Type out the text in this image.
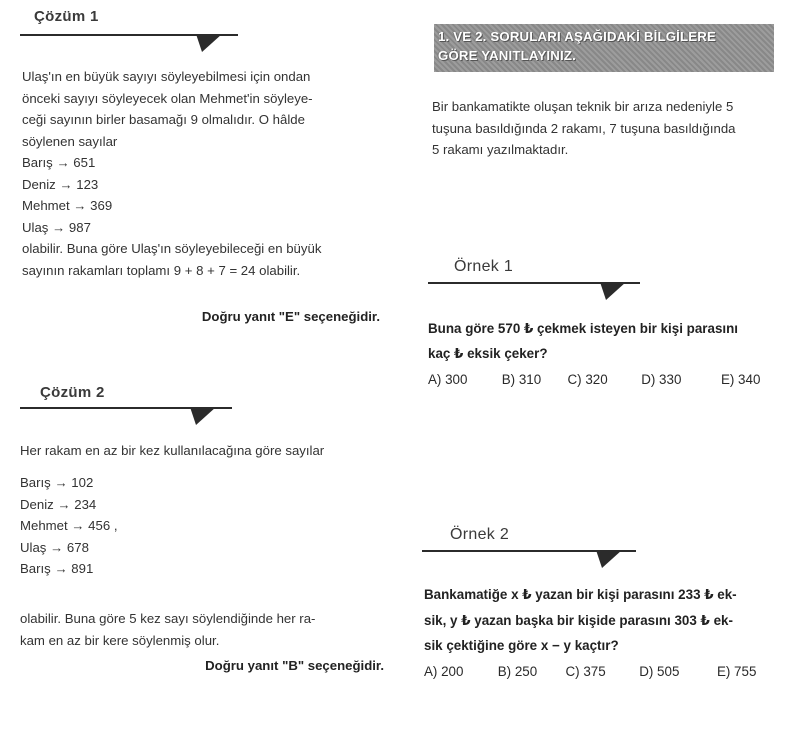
Çözüm 1
Ulaş'ın en büyük sayıyı söyleyebilmesi için ondan
önceki sayıyı söyleyecek olan Mehmet'in söyleye-
ceği sayının birler basamağı 9 olmalıdır. O hâlde
söylenen sayılar
Barış → 651
Deniz → 123
Mehmet → 369
Ulaş → 987
olabilir. Buna göre Ulaş'ın söyleyebileceği en büyük
sayının rakamları toplamı 9 + 8 + 7 = 24 olabilir.
Doğru yanıt "E" seçeneğidir.
Çözüm 2
Her rakam en az bir kez kullanılacağına göre sayılar
Barış → 102
Deniz → 234
Mehmet → 456 ,
Ulaş → 678
Barış → 891
olabilir. Buna göre 5 kez sayı söylendiğinde her ra-
kam en az bir kere söylenmiş olur.
Doğru yanıt "B" seçeneğidir.
1. VE 2. SORULARI AŞAĞIDAKİ BİLGİLERE
GÖRE YANITLAYINIZ.
Bir bankamatikte oluşan teknik bir arıza nedeniyle 5
tuşuna basıldığında 2 rakamı, 7 tuşuna basıldığında
5 rakamı yazılmaktadır.
Örnek 1
Buna göre 570 ₺ çekmek isteyen bir kişi parasını
kaç ₺ eksik çeker?
A) 300	B) 310 C) 320	D) 330	E) 340
Örnek 2
Bankamatiğe x ₺ yazan bir kişi parasını 233 ₺ ek-
sik, y ₺ yazan başka bir kişide parasını 303 ₺ ek-
sik çektiğine göre x − y kaçtır?
A) 200	B) 250 C) 375	D) 505	E) 755
